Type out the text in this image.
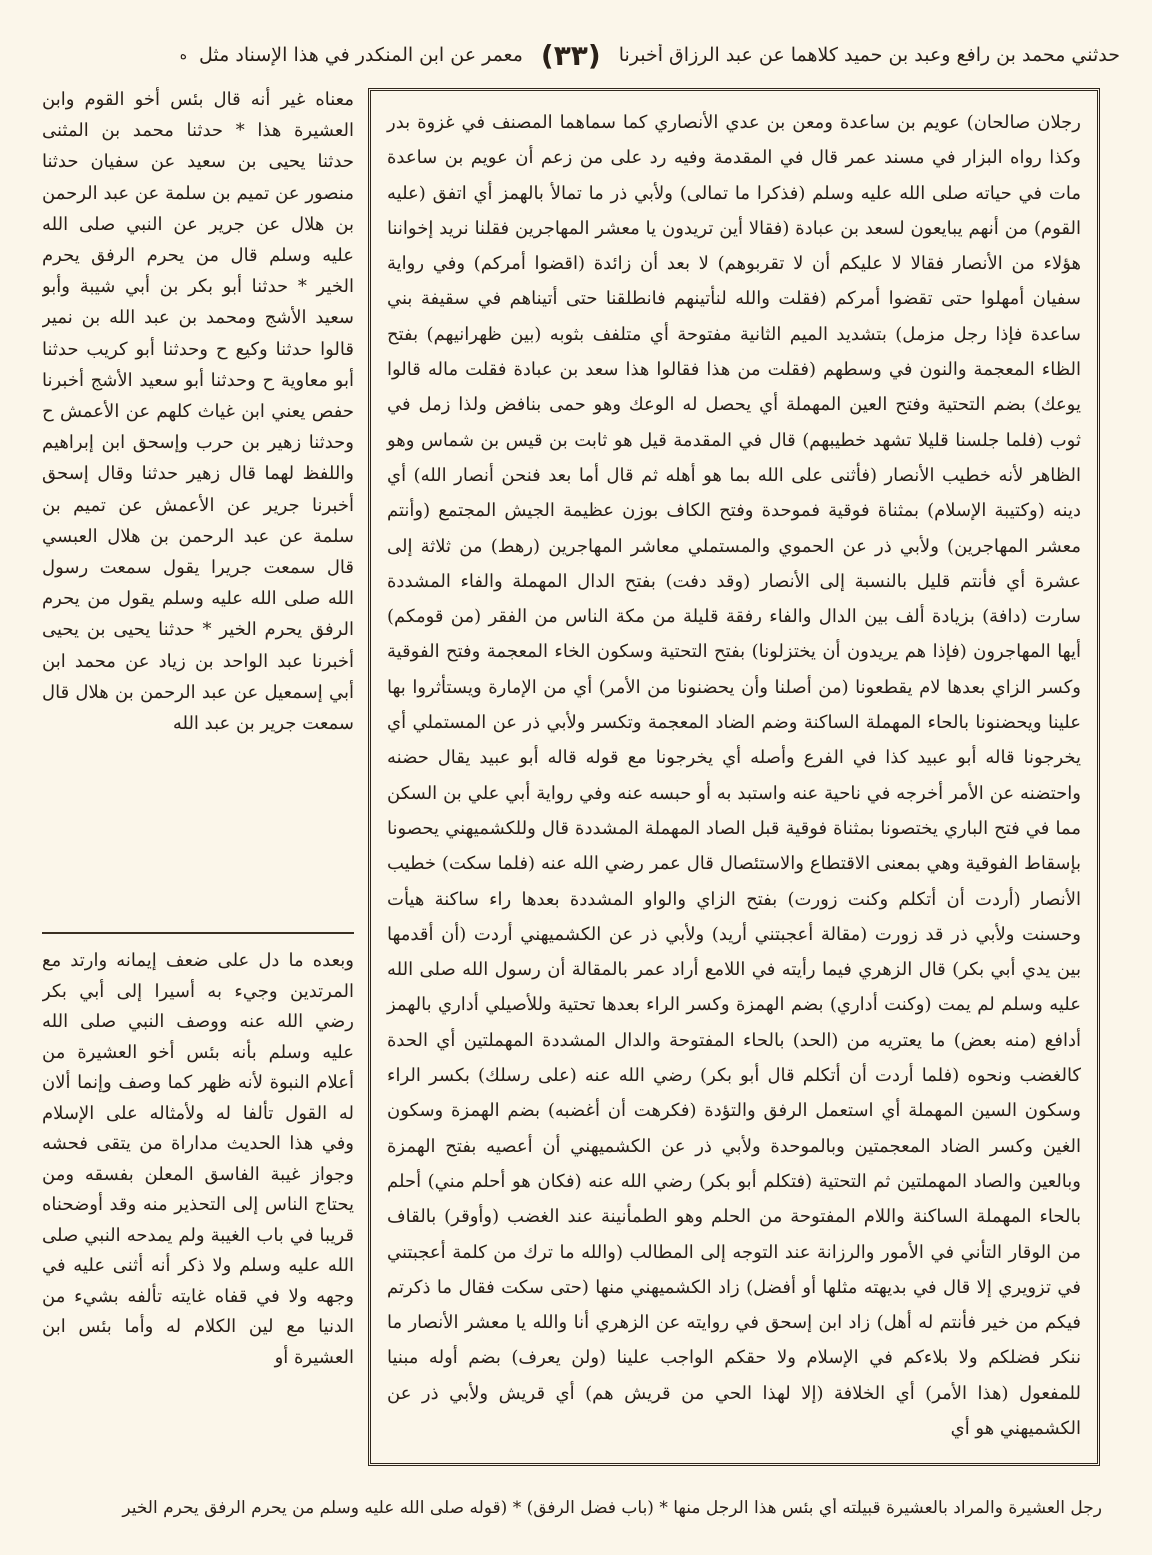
حدثني محمد بن رافع وعبد بن حميد كلاهما عن عبد الرزاق أخبرنا
(٣٣)
معمر عن ابن المنكدر في هذا الإسناد مثل
ه
معناه غير أنه قال بئس أخو القوم وابن العشيرة هذا * حدثنا محمد بن المثنى حدثنا يحيى بن سعيد عن سفيان حدثنا منصور عن تميم بن سلمة عن عبد الرحمن بن هلال عن جرير عن النبي صلى الله عليه وسلم قال من يحرم الرفق يحرم الخير * حدثنا أبو بكر بن أبي شيبة وأبو سعيد الأشج ومحمد بن عبد الله بن نمير قالوا حدثنا وكيع ح وحدثنا أبو كريب حدثنا أبو معاوية ح وحدثنا أبو سعيد الأشج أخبرنا حفص يعني ابن غياث كلهم عن الأعمش ح وحدثنا زهير بن حرب وإسحق ابن إبراهيم واللفظ لهما قال زهير حدثنا وقال إسحق أخبرنا جرير عن الأعمش عن تميم بن سلمة عن عبد الرحمن بن هلال العبسي قال سمعت جريرا يقول سمعت رسول الله صلى الله عليه وسلم يقول من يحرم الرفق يحرم الخير * حدثنا يحيى بن يحيى أخبرنا عبد الواحد بن زياد عن محمد ابن أبي إسمعيل عن عبد الرحمن بن هلال قال سمعت جرير بن عبد الله
وبعده ما دل على ضعف إيمانه وارتد مع المرتدين وجيء به أسيرا إلى أبي بكر رضي الله عنه ووصف النبي صلى الله عليه وسلم بأنه بئس أخو العشيرة من أعلام النبوة لأنه ظهر كما وصف وإنما ألان له القول تألفا له ولأمثاله على الإسلام وفي هذا الحديث مداراة من يتقى فحشه وجواز غيبة الفاسق المعلن بفسقه ومن يحتاج الناس إلى التحذير منه وقد أوضحناه قريبا في باب الغيبة ولم يمدحه النبي صلى الله عليه وسلم ولا ذكر أنه أثنى عليه في وجهه ولا في قفاه غايته تألفه بشيء من الدنيا مع لين الكلام له وأما بئس ابن العشيرة أو
رجلان صالحان) عويم بن ساعدة ومعن بن عدي الأنصاري كما سماهما المصنف في غزوة بدر وكذا رواه البزار في مسند عمر قال في المقدمة وفيه رد على من زعم أن عويم بن ساعدة مات في حياته صلى الله عليه وسلم (فذكرا ما تمالى) ولأبي ذر ما تمالأ بالهمز أي اتفق (عليه القوم) من أنهم يبايعون لسعد بن عبادة (فقالا أين تريدون يا معشر المهاجرين فقلنا نريد إخواننا هؤلاء من الأنصار فقالا لا عليكم أن لا تقربوهم) لا بعد أن زائدة (اقضوا أمركم) وفي رواية سفيان أمهلوا حتى تقضوا أمركم (فقلت والله لنأتينهم فانطلقنا حتى أتيناهم في سقيفة بني ساعدة فإذا رجل مزمل) بتشديد الميم الثانية مفتوحة أي متلفف بثوبه (بين ظهرانيهم) بفتح الظاء المعجمة والنون في وسطهم (فقلت من هذا فقالوا هذا سعد بن عبادة فقلت ماله قالوا يوعك) بضم التحتية وفتح العين المهملة أي يحصل له الوعك وهو حمى بنافض ولذا زمل في ثوب (فلما جلسنا قليلا تشهد خطيبهم) قال في المقدمة قيل هو ثابت بن قيس بن شماس وهو الظاهر لأنه خطيب الأنصار (فأثنى على الله بما هو أهله ثم قال أما بعد فنحن أنصار الله) أي دينه (وكتيبة الإسلام) بمثناة فوقية فموحدة وفتح الكاف بوزن عظيمة الجيش المجتمع (وأنتم معشر المهاجرين) ولأبي ذر عن الحموي والمستملي معاشر المهاجرين (رهط) من ثلاثة إلى عشرة أي فأنتم قليل بالنسبة إلى الأنصار (وقد دفت) بفتح الدال المهملة والفاء المشددة سارت (دافة) بزيادة ألف بين الدال والفاء رفقة قليلة من مكة الناس من الفقر (من قومكم) أيها المهاجرون (فإذا هم يريدون أن يختزلونا) بفتح التحتية وسكون الخاء المعجمة وفتح الفوقية وكسر الزاي بعدها لام يقطعونا (من أصلنا وأن يحضنونا من الأمر) أي من الإمارة ويستأثروا بها علينا ويحضنونا بالحاء المهملة الساكنة وضم الضاد المعجمة وتكسر ولأبي ذر عن المستملي أي يخرجونا قاله أبو عبيد كذا في الفرع وأصله أي يخرجونا مع قوله قاله أبو عبيد يقال حضنه واحتضنه عن الأمر أخرجه في ناحية عنه واستبد به أو حبسه عنه وفي رواية أبي علي بن السكن مما في فتح الباري يختصونا بمثناة فوقية قبل الصاد المهملة المشددة قال وللكشميهني يحصونا بإسقاط الفوقية وهي بمعنى الاقتطاع والاستئصال قال عمر رضي الله عنه (فلما سكت) خطيب الأنصار (أردت أن أتكلم وكنت زورت) بفتح الزاي والواو المشددة بعدها راء ساكنة هيأت وحسنت ولأبي ذر قد زورت (مقالة أعجبتني أريد) ولأبي ذر عن الكشميهني أردت (أن أقدمها بين يدي أبي بكر) قال الزهري فيما رأيته في اللامع أراد عمر بالمقالة أن رسول الله صلى الله عليه وسلم لم يمت (وكنت أداري) بضم الهمزة وكسر الراء بعدها تحتية وللأصيلي أداري بالهمز أدافع (منه بعض) ما يعتريه من (الحد) بالحاء المفتوحة والدال المشددة المهملتين أي الحدة كالغضب ونحوه (فلما أردت أن أتكلم قال أبو بكر) رضي الله عنه (على رسلك) بكسر الراء وسكون السين المهملة أي استعمل الرفق والتؤدة (فكرهت أن أغضبه) بضم الهمزة وسكون الغين وكسر الضاد المعجمتين وبالموحدة ولأبي ذر عن الكشميهني أن أعصيه بفتح الهمزة وبالعين والصاد المهملتين ثم التحتية (فتكلم أبو بكر) رضي الله عنه (فكان هو أحلم مني) أحلم بالحاء المهملة الساكنة واللام المفتوحة من الحلم وهو الطمأنينة عند الغضب (وأوقر) بالقاف من الوقار التأني في الأمور والرزانة عند التوجه إلى المطالب (والله ما ترك من كلمة أعجبتني في تزويري إلا قال في بديهته مثلها أو أفضل) زاد الكشميهني منها (حتى سكت فقال ما ذكرتم فيكم من خير فأنتم له أهل) زاد ابن إسحق في روايته عن الزهري أنا والله يا معشر الأنصار ما ننكر فضلكم ولا بلاءكم في الإسلام ولا حقكم الواجب علينا (ولن يعرف) بضم أوله مبنيا للمفعول (هذا الأمر) أي الخلافة (إلا لهذا الحي من قريش هم) أي قريش ولأبي ذر عن الكشميهني هو أي
رجل العشيرة والمراد بالعشيرة قبيلته أي بئس هذا الرجل منها * (باب فضل الرفق) * (قوله صلى الله عليه وسلم من يحرم الرفق يحرم الخير
